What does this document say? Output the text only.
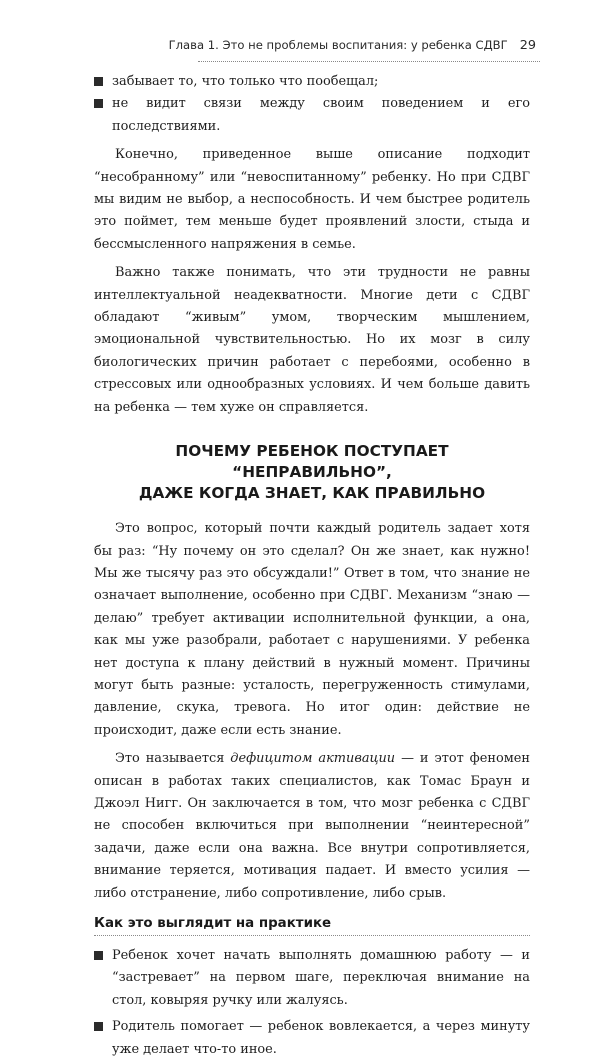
Глава 1. Это не проблемы воспитания: у ребенка СДВГ 29
забывает то, что только что пообещал;
не видит связи между своим поведением и его последствиями.

Конечно, приведенное выше описание подходит “несобранному” или “невоспитанному” ребенку. Но при СДВГ мы видим не выбор, а неспособность. И чем быстрее родитель это поймет, тем меньше будет проявлений злости, стыда и бессмысленного напряжения в семье.

Важно также понимать, что эти трудности не равны интеллектуальной неадекватности. Многие дети с СДВГ обладают “живым” умом, творческим мышлением, эмоциональной чувствительностью. Но их мозг в силу биологических причин работает с перебоями, особенно в стрессовых или однообразных условиях. И чем больше давить на ребенка — тем хуже он справляется.

ПОЧЕМУ РЕБЕНОК ПОСТУПАЕТ “НЕПРАВИЛЬНО”,
ДАЖЕ КОГДА ЗНАЕТ, КАК ПРАВИЛЬНО

Это вопрос, который почти каждый родитель задает хотя бы раз: “Ну почему он это сделал? Он же знает, как нужно! Мы же тысячу раз это обсуждали!” Ответ в том, что знание не означает выполнение, особенно при СДВГ. Механизм “знаю — делаю” требует активации исполнительной функции, а она, как мы уже разобрали, работает с нарушениями. У ребенка нет доступа к плану действий в нужный момент. Причины могут быть разные: усталость, перегруженность стимулами, давление, скука, тревога. Но итог один: действие не происходит, даже если есть знание.

Это называется дефицитом активации — и этот феномен описан в работах таких специалистов, как Томас Браун и Джоэл Нигг. Он заключается в том, что мозг ребенка с СДВГ не способен включиться при выполнении “неинтересной” задачи, даже если она важна. Все внутри сопротивляется, внимание теряется, мотивация падает. И вместо усилия — либо отстранение, либо сопротивление, либо срыв.

Как это выглядит на практике
Ребенок хочет начать выполнять домашнюю работу — и “застревает” на первом шаге, переключая внимание на стол, ковыряя ручку или жалуясь.
Родитель помогает — ребенок вовлекается, а через минуту уже делает что-то иное.
